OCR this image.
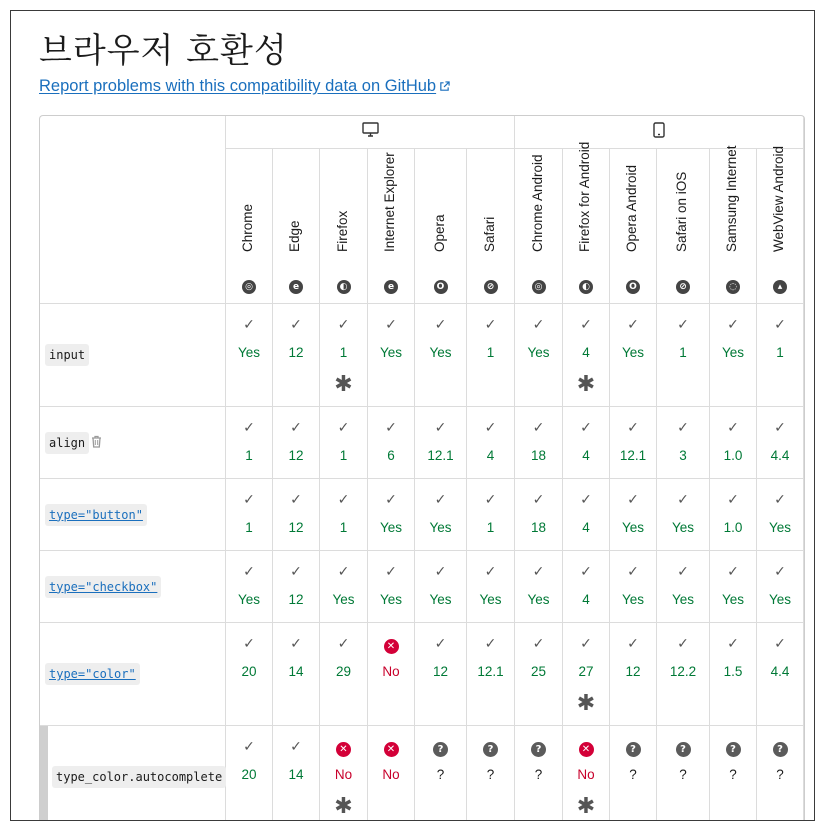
브라우저 호환성
Report problems with this compatibility data on GitHub
Chrome
◎
Edge
e
Firefox
◐
Internet Explorer
e
Opera
O
Safari
⊘
Chrome Android
◎
Firefox for Android
◐
Opera Android
O
Safari on iOS
⊘
Samsung Internet
◌
WebView Android
▴
input
✓
Yes
✓
12
✓
1
✱
✓
Yes
✓
Yes
✓
1
✓
Yes
✓
4
✱
✓
Yes
✓
1
✓
Yes
✓
1
align
✓
1
✓
12
✓
1
✓
6
✓
12.1
✓
4
✓
18
✓
4
✓
12.1
✓
3
✓
1.0
✓
4.4
type="button"
✓
1
✓
12
✓
1
✓
Yes
✓
Yes
✓
1
✓
18
✓
4
✓
Yes
✓
Yes
✓
1.0
✓
Yes
type="checkbox"
✓
Yes
✓
12
✓
Yes
✓
Yes
✓
Yes
✓
Yes
✓
Yes
✓
4
✓
Yes
✓
Yes
✓
Yes
✓
Yes
type="color"
✓
20
✓
14
✓
29
✕
No
✓
12
✓
12.1
✓
25
✓
27
✱
✓
12
✓
12.2
✓
1.5
✓
4.4
type_color.autocomplete
✓
20
✓
14
✕
No
✱
✕
No
?
?
?
?
?
?
✕
No
✱
?
?
?
?
?
?
?
?
